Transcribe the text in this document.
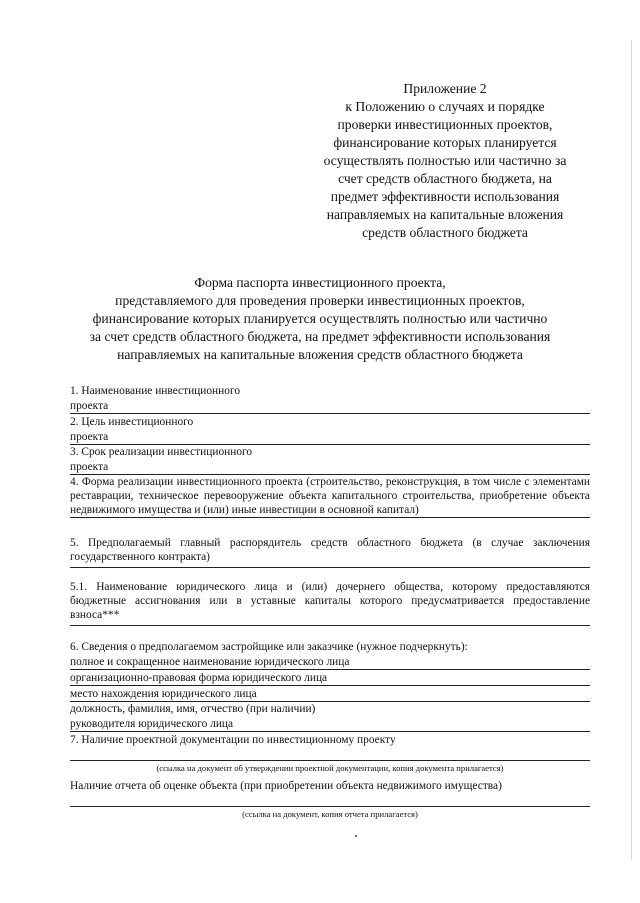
Приложение 2
к Положению о случаях и порядке
проверки инвестиционных проектов,
финансирование которых планируется
осуществлять полностью или частично за
счет средств областного бюджета, на
предмет эффективности использования
направляемых на капитальные вложения
средств областного бюджета
Форма паспорта инвестиционного проекта,
представляемого для проведения проверки инвестиционных проектов,
финансирование которых планируется осуществлять полностью или частично
за счет средств областного бюджета, на предмет эффективности использования
направляемых на капитальные вложения средств областного бюджета
1. Наименование инвестиционного
проекта
2. Цель инвестиционного
проекта
3. Срок реализации инвестиционного
проекта
4. Форма реализации инвестиционного проекта (строительство, реконструкция, в том числе с элементами реставрации, техническое перевооружение объекта капитального строительства, приобретение объекта недвижимого имущества и (или) иные инвестиции в основной капитал)
5. Предполагаемый главный распорядитель средств областного бюджета (в случае заключения государственного контракта)
5.1. Наименование юридического лица и (или) дочернего общества, которому предоставляются бюджетные ассигнования или в уставные капиталы которого предусматривается предоставление взноса***
6. Сведения о предполагаемом застройщике или заказчике (нужное подчеркнуть):
полное и сокращенное наименование юридического лица
организационно-правовая форма юридического лица
место нахождения юридического лица
должность, фамилия, имя, отчество (при наличии)
руководителя юридического лица
7. Наличие проектной документации по инвестиционному проекту
(ссылка на документ об утверждении проектной документации, копия документа прилагается)
Наличие отчета об оценке объекта (при приобретении объекта недвижимого имущества)
(ссылка на документ, копия отчета прилагается)
